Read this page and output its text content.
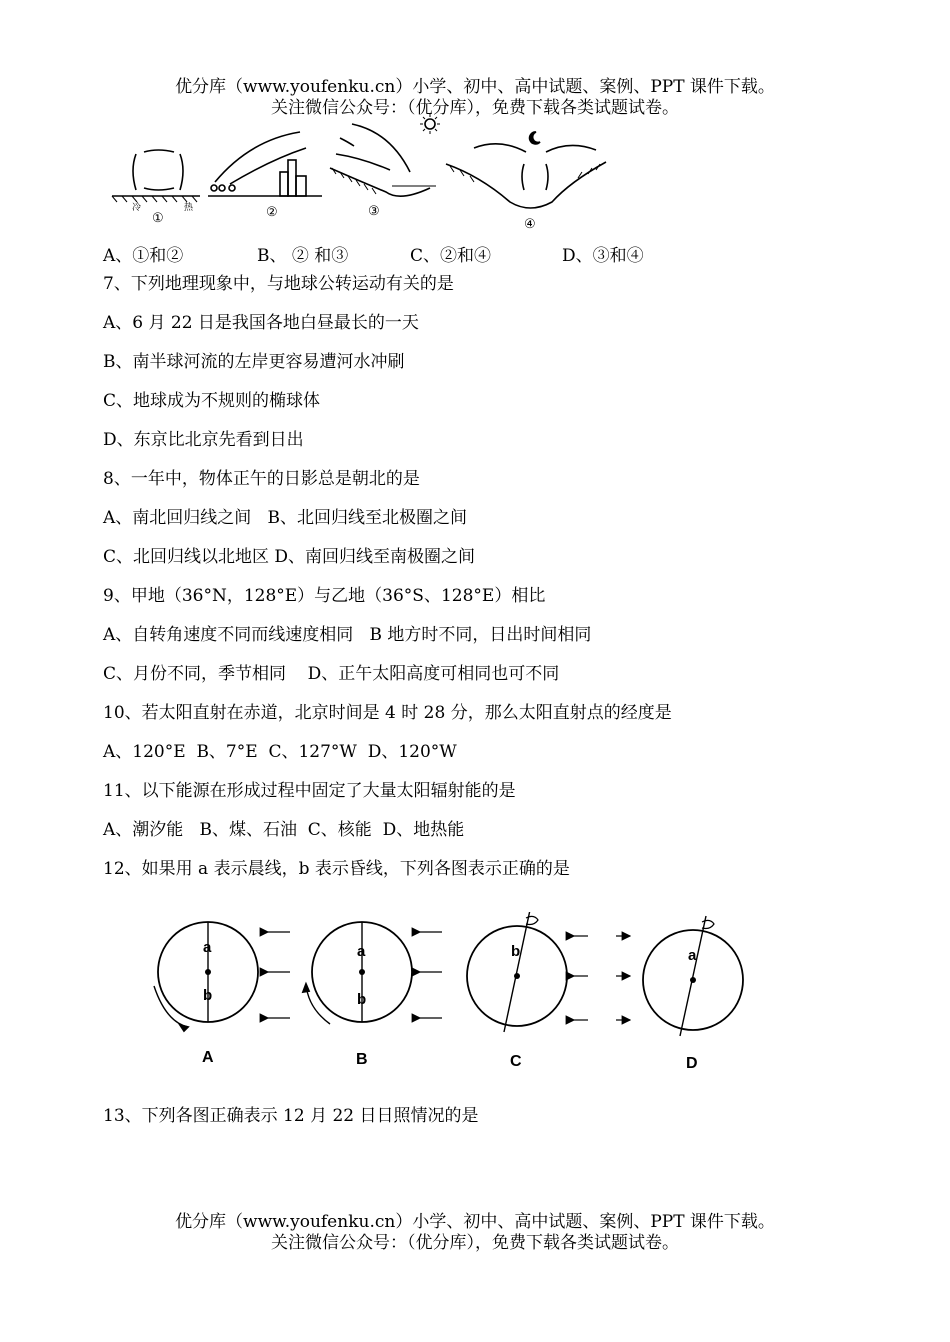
优分库（www.youfenku.cn）小学、初中、高中试题、案例、PPT 课件下载。
关注微信公众号：（优分库），免费下载各类试题试卷。
冷	热
①	②	③
④
A、①和②	B、 ② 和③	C、②和④	D、③和④
7、下列地理现象中，与地球公转运动有关的是
A、6 月 22 日是我国各地白昼最长的一天
B、南半球河流的左岸更容易遭河水冲刷
C、地球成为不规则的椭球体
D、东京比北京先看到日出
8、一年中，物体正午的日影总是朝北的是
A、南北回归线之间   B、北回归线至北极圈之间
C、北回归线以北地区 D、南回归线至南极圈之间
9、甲地（36°N，128°E）与乙地（36°S、128°E）相比
A、自转角速度不同而线速度相同   B 地方时不同，日出时间相同
C、月份不同，季节相同    D、正午太阳高度可相同也可不同
10、若太阳直射在赤道，北京时间是 4 时 28 分，那么太阳直射点的经度是
A、120°E  B、7°E  C、127°W  D、120°W
11、以下能源在形成过程中固定了大量太阳辐射能的是
A、潮汐能   B、煤、石油  C、核能  D、地热能
12、如果用 a 表示晨线，b 表示昏线，下列各图表示正确的是
a
b
a
b
b	a
A	B	C	D
13、下列各图正确表示 12 月 22 日日照情况的是
优分库（www.youfenku.cn）小学、初中、高中试题、案例、PPT 课件下载。
关注微信公众号：（优分库），免费下载各类试题试卷。
